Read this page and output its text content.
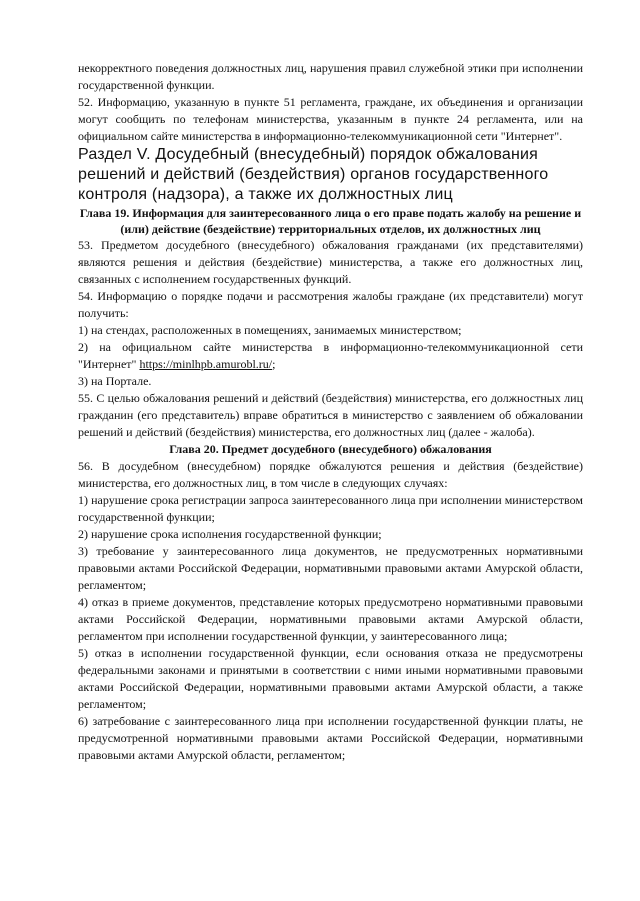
некорректного поведения должностных лиц, нарушения правил служебной этики при исполнении государственной функции.

52. Информацию, указанную в пункте 51 регламента, граждане, их объединения и организации могут сообщить по телефонам министерства, указанным в пункте 24 регламента, или на официальном сайте министерства в информационно-телекоммуникационной сети "Интернет".

Раздел V. Досудебный (внесудебный) порядок обжалования решений и действий (бездействия) органов государственного контроля (надзора), а также их должностных лиц

Глава 19. Информация для заинтересованного лица о его праве подать жалобу на решение и (или) действие (бездействие) территориальных отделов, их должностных лиц

53. Предметом досудебного (внесудебного) обжалования гражданами (их представителями) являются решения и действия (бездействие) министерства, а также его должностных лиц, связанных с исполнением государственных функций.

54. Информацию о порядке подачи и рассмотрения жалобы граждане (их представители) могут получить:

1) на стендах, расположенных в помещениях, занимаемых министерством;

2) на официальном сайте министерства в информационно-телекоммуникационной сети "Интернет" https://minlhpb.amurobl.ru/;

3) на Портале.

55. С целью обжалования решений и действий (бездействия) министерства, его должностных лиц гражданин (его представитель) вправе обратиться в министерство с заявлением об обжаловании решений и действий (бездействия) министерства, его должностных лиц (далее - жалоба).

Глава 20. Предмет досудебного (внесудебного) обжалования

56. В досудебном (внесудебном) порядке обжалуются решения и действия (бездействие) министерства, его должностных лиц, в том числе в следующих случаях:

1) нарушение срока регистрации запроса заинтересованного лица при исполнении министерством государственной функции;

2) нарушение срока исполнения государственной функции;

3) требование у заинтересованного лица документов, не предусмотренных нормативными правовыми актами Российской Федерации, нормативными правовыми актами Амурской области, регламентом;

4) отказ в приеме документов, представление которых предусмотрено нормативными правовыми актами Российской Федерации, нормативными правовыми актами Амурской области, регламентом при исполнении государственной функции, у заинтересованного лица;

5) отказ в исполнении государственной функции, если основания отказа не предусмотрены федеральными законами и принятыми в соответствии с ними иными нормативными правовыми актами Российской Федерации, нормативными правовыми актами Амурской области, а также регламентом;

6) затребование с заинтересованного лица при исполнении государственной функции платы, не предусмотренной нормативными правовыми актами Российской Федерации, нормативными правовыми актами Амурской области, регламентом;
